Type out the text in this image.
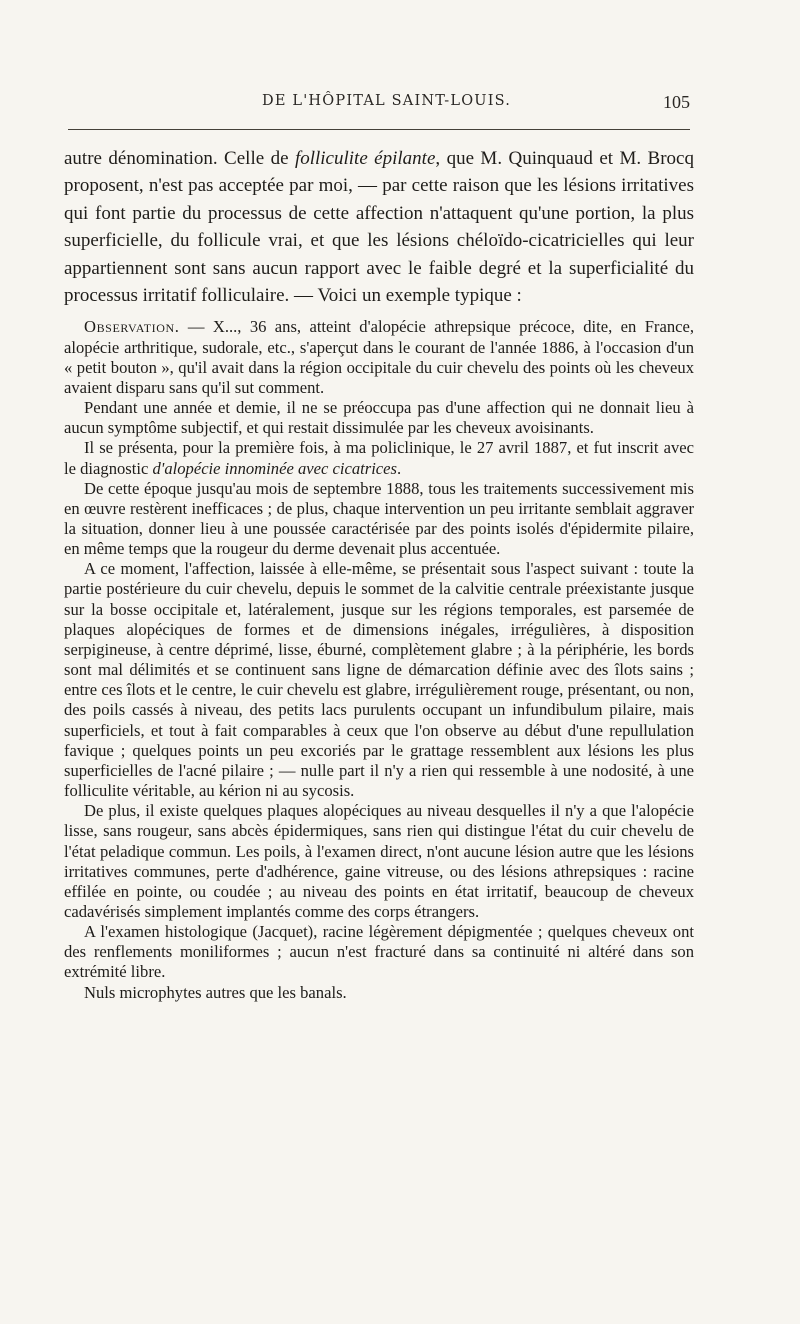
DE L'HÔPITAL SAINT-LOUIS.	105

autre dénomination. Celle de folliculite épilante, que M. Quinquaud et M. Brocq proposent, n'est pas acceptée par moi, — par cette raison que les lésions irritatives qui font partie du processus de cette affection n'attaquent qu'une portion, la plus superficielle, du follicule vrai, et que les lésions chéloïdo-cicatricielles qui leur appartiennent sont sans aucun rapport avec le faible degré et la superficialité du processus irritatif folliculaire. — Voici un exemple typique :

Observation. — X..., 36 ans, atteint d'alopécie athrepsique précoce, dite, en France, alopécie arthritique, sudorale, etc., s'aperçut dans le courant de l'année 1886, à l'occasion d'un « petit bouton », qu'il avait dans la région occipitale du cuir chevelu des points où les cheveux avaient disparu sans qu'il sut comment.

Pendant une année et demie, il ne se préoccupa pas d'une affection qui ne donnait lieu à aucun symptôme subjectif, et qui restait dissimulée par les cheveux avoisinants.

Il se présenta, pour la première fois, à ma policlinique, le 27 avril 1887, et fut inscrit avec le diagnostic d'alopécie innominée avec cicatrices.

De cette époque jusqu'au mois de septembre 1888, tous les traitements successivement mis en œuvre restèrent inefficaces ; de plus, chaque intervention un peu irritante semblait aggraver la situation, donner lieu à une poussée caractérisée par des points isolés d'épidermite pilaire, en même temps que la rougeur du derme devenait plus accentuée.

A ce moment, l'affection, laissée à elle-même, se présentait sous l'aspect suivant : toute la partie postérieure du cuir chevelu, depuis le sommet de la calvitie centrale préexistante jusque sur la bosse occipitale et, latéralement, jusque sur les régions temporales, est parsemée de plaques alopéciques de formes et de dimensions inégales, irrégulières, à disposition serpigineuse, à centre déprimé, lisse, éburné, complètement glabre ; à la périphérie, les bords sont mal délimités et se continuent sans ligne de démarcation définie avec des îlots sains ; entre ces îlots et le centre, le cuir chevelu est glabre, irrégulièrement rouge, présentant, ou non, des poils cassés à niveau, des petits lacs purulents occupant un infundibulum pilaire, mais superficiels, et tout à fait comparables à ceux que l'on observe au début d'une repullulation favique ; quelques points un peu excoriés par le grattage ressemblent aux lésions les plus superficielles de l'acné pilaire ; — nulle part il n'y a rien qui ressemble à une nodosité, à une folliculite véritable, au kérion ni au sycosis.

De plus, il existe quelques plaques alopéciques au niveau desquelles il n'y a que l'alopécie lisse, sans rougeur, sans abcès épidermiques, sans rien qui distingue l'état du cuir chevelu de l'état peladique commun. Les poils, à l'examen direct, n'ont aucune lésion autre que les lésions irritatives communes, perte d'adhérence, gaine vitreuse, ou des lésions athrepsiques : racine effilée en pointe, ou coudée ; au niveau des points en état irritatif, beaucoup de cheveux cadavérisés simplement implantés comme des corps étrangers.

A l'examen histologique (Jacquet), racine légèrement dépigmentée ; quelques cheveux ont des renflements moniliformes ; aucun n'est fracturé dans sa continuité ni altéré dans son extrémité libre.

Nuls microphytes autres que les banals.
